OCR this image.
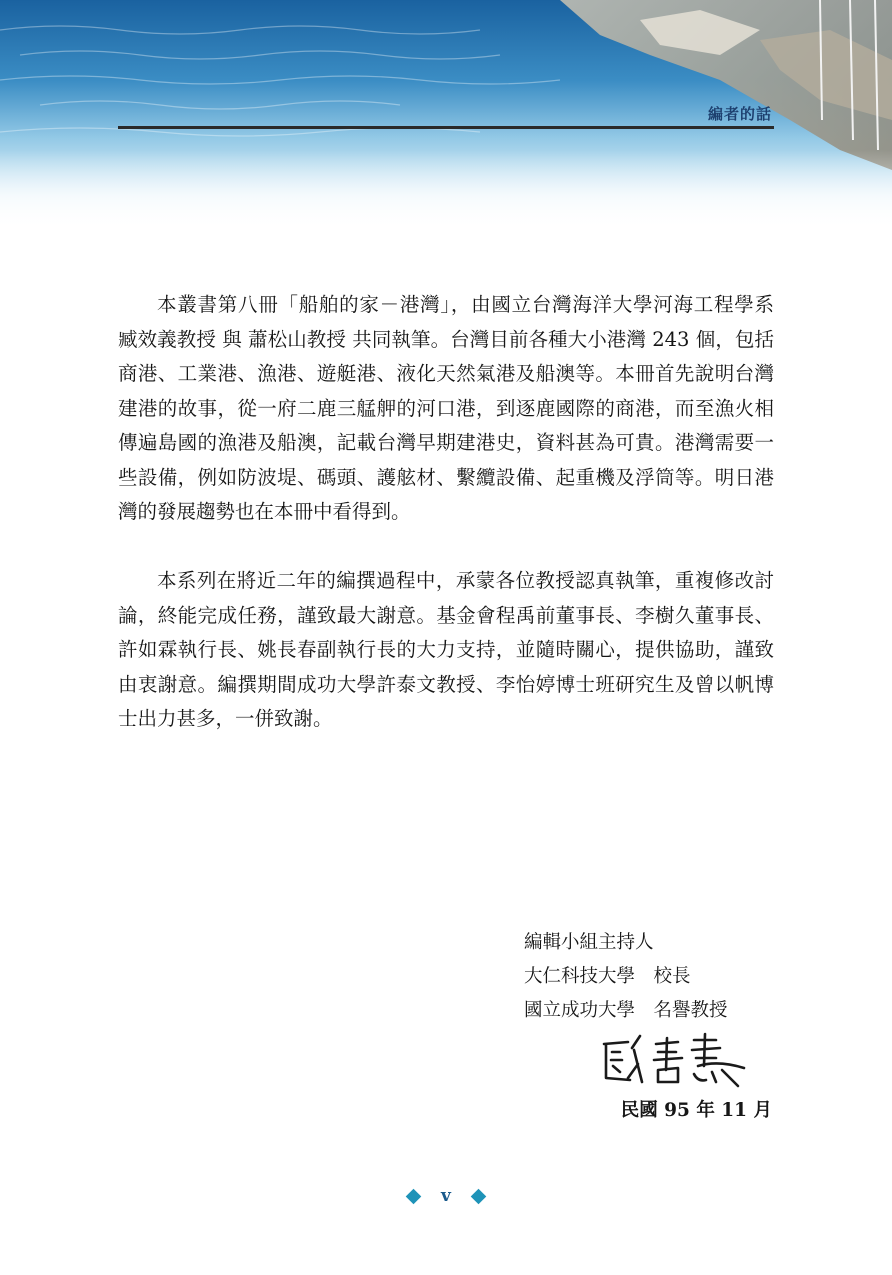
編者的話

本叢書第八冊「船舶的家－港灣」，由國立台灣海洋大學河海工程學系 臧效義教授 與 蕭松山教授 共同執筆。台灣目前各種大小港灣 243 個，包括商港、工業港、漁港、遊艇港、液化天然氣港及船澳等。本冊首先說明台灣建港的故事，從一府二鹿三艋舺的河口港，到逐鹿國際的商港，而至漁火相傳遍島國的漁港及船澳，記載台灣早期建港史，資料甚為可貴。港灣需要一些設備，例如防波堤、碼頭、護舷材、繫纜設備、起重機及浮筒等。明日港灣的發展趨勢也在本冊中看得到。

本系列在將近二年的編撰過程中，承蒙各位教授認真執筆，重複修改討論，終能完成任務，謹致最大謝意。基金會程禹前董事長、李樹久董事長、許如霖執行長、姚長春副執行長的大力支持，並隨時關心，提供協助，謹致由衷謝意。編撰期間成功大學許泰文教授、李怡婷博士班研究生及曾以帆博士出力甚多，一併致謝。

編輯小組主持人
大仁科技大學　校長
國立成功大學　名譽教授
民國 95 年 11 月
v
